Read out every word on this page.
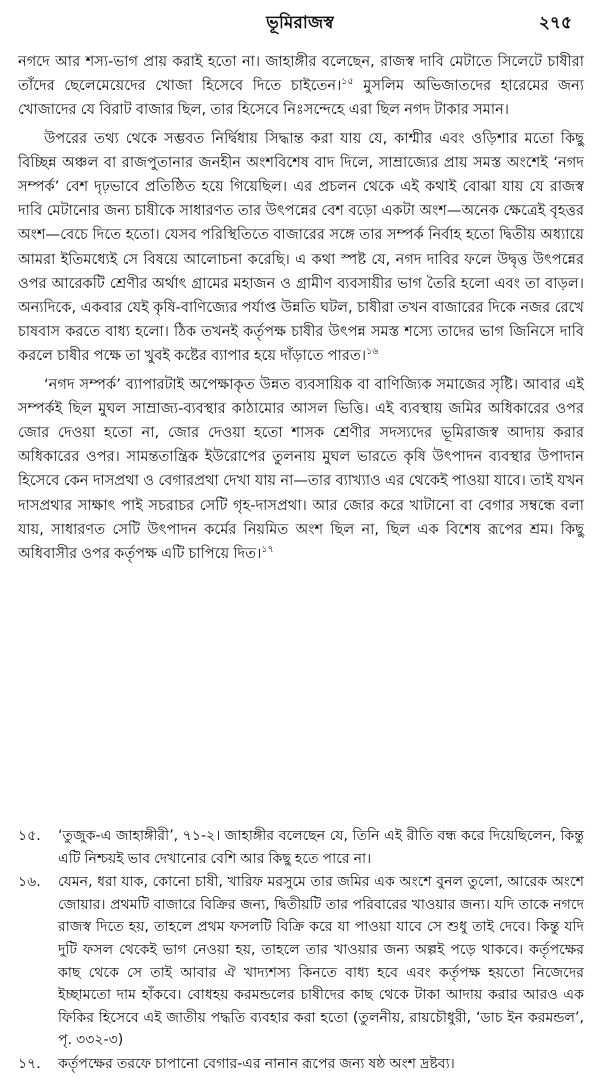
ভূমিরাজস্ব	২৭৫

নগদে আর শস্য-ভাগ প্রায় করাই হতো না। জাহাঙ্গীর বলেছেন, রাজস্ব দাবি মেটাতে সিলেটে চাষীরা তাঁদের ছেলেমেয়েদের খোজা হিসেবে দিতে চাইতেন।$^{১৫}$ মুসলিম অভিজাতদের হারেমের জন্য খোজাদের যে বিরাট বাজার ছিল, তার হিসেবে নিঃসন্দেহে এরা ছিল নগদ টাকার সমান।

উপরের তথ্য থেকে সম্ভবত নির্দ্বিধায় সিদ্ধান্ত করা যায় যে, কাশ্মীর এবং ওড়িশার মতো কিছু বিচ্ছিন্ন অঞ্চল বা রাজপুতানার জনহীন অংশবিশেষ বাদ দিলে, সাম্রাজ্যের প্রায় সমস্ত অংশেই ‘নগদ সম্পর্ক’ বেশ দৃঢ়ভাবে প্রতিষ্ঠিত হয়ে গিয়েছিল। এর প্রচলন থেকে এই কথাই বোঝা যায় যে রাজস্ব দাবি মেটানোর জন্য চাষীকে সাধারণত তার উৎপন্নের বেশ বড়ো একটা অংশ—অনেক ক্ষেত্রেই বৃহত্তর অংশ—বেচে দিতে হতো। যেসব পরিস্থিতিতে বাজারের সঙ্গে তার সম্পর্ক নির্বাহ হতো দ্বিতীয় অধ্যায়ে আমরা ইতিমধ্যেই সে বিষয়ে আলোচনা করেছি। এ কথা স্পষ্ট যে, নগদ দাবির ফলে উদ্বৃত্ত উৎপন্নের ওপর আরেকটি শ্রেণীর অর্থাৎ গ্রামের মহাজন ও গ্রামীণ ব্যবসায়ীর ভাগ তৈরি হলো এবং তা বাড়ল। অন্যদিকে, একবার যেই কৃষি-বাণিজ্যের পর্যাপ্ত উন্নতি ঘটল, চাষীরা তখন বাজারের দিকে নজর রেখে চাষবাস করতে বাধ্য হলো। ঠিক তখনই কর্তৃপক্ষ চাষীর উৎপন্ন সমস্ত শস্যে তাদের ভাগ জিনিসে দাবি করলে চাষীর পক্ষে তা খুবই কষ্টের ব্যাপার হয়ে দাঁড়াতে পারত।$^{১৬}$

‘নগদ সম্পর্ক’ ব্যাপারটাই অপেক্ষাকৃত উন্নত ব্যবসায়িক বা বাণিজ্যিক সমাজের সৃষ্টি। আবার এই সম্পর্কই ছিল মুঘল সাম্রাজ্য-ব্যবস্থার কাঠামোর আসল ভিত্তি। এই ব্যবস্থায় জমির অধিকারের ওপর জোর দেওয়া হতো না, জোর দেওয়া হতো শাসক শ্রেণীর সদস্যদের ভূমিরাজস্ব আদায় করার অধিকারের ওপর। সামন্ততান্ত্রিক ইউরোপের তুলনায় মুঘল ভারতে কৃষি উৎপাদন ব্যবস্থার উপাদান হিসেবে কেন দাসপ্রথা ও বেগারপ্রথা দেখা যায় না—তার ব্যাখ্যাও এর থেকেই পাওয়া যাবে। তাই যখন দাসপ্রথার সাক্ষাৎ পাই সচরাচর সেটি গৃহ-দাসপ্রথা। আর জোর করে খাটানো বা বেগার সম্বন্ধে বলা যায়, সাধারণত সেটি উৎপাদন কর্মের নিয়মিত অংশ ছিল না, ছিল এক বিশেষ রূপের শ্রম। কিছু অধিবাসীর ওপর কর্তৃপক্ষ এটি চাপিয়ে দিত।$^{১৭}$

১৫.	‘তুজুক-এ জাহাঙ্গীরী’, ৭১-২। জাহাঙ্গীর বলেছেন যে, তিনি এই রীতি বন্ধ করে দিয়েছিলেন, কিন্তু এটি নিশ্চয়ই ভাব দেখানোর বেশি আর কিছু হতে পারে না।
১৬.	যেমন, ধরা যাক, কোনো চাষী, খারিফ মরসুমে তার জমির এক অংশে বুনল তুলো, আরেক অংশে জোয়ার। প্রথমটি বাজারে বিক্রির জন্য, দ্বিতীয়টি তার পরিবারের খাওয়ার জন্য। যদি তাকে নগদে রাজস্ব দিতে হয়, তাহলে প্রথম ফসলটি বিক্রি করে যা পাওয়া যাবে সে শুধু তাই দেবে। কিন্তু যদি দুটি ফসল থেকেই ভাগ নেওয়া হয়, তাহলে তার খাওয়ার জন্য অল্পই পড়ে থাকবে। কর্তৃপক্ষের কাছ থেকে সে তাই আবার ঐ খাদ্যশস্য কিনতে বাধ্য হবে এবং কর্তৃপক্ষ হয়তো নিজেদের ইচ্ছামতো দাম হাঁকবে। বোধহয় করমন্ডলের চাষীদের কাছ থেকে টাকা আদায় করার আরও এক ফিকির হিসেবে এই জাতীয় পদ্ধতি ব্যবহার করা হতো (তুলনীয়, রায়চৌধুরী, ‘ডাচ ইন করমন্ডল’, পৃ. ৩৩২-৩)
১৭.	কর্তৃপক্ষের তরফে চাপানো বেগার-এর নানান রূপের জন্য ষষ্ঠ অংশ দ্রষ্টব্য।
